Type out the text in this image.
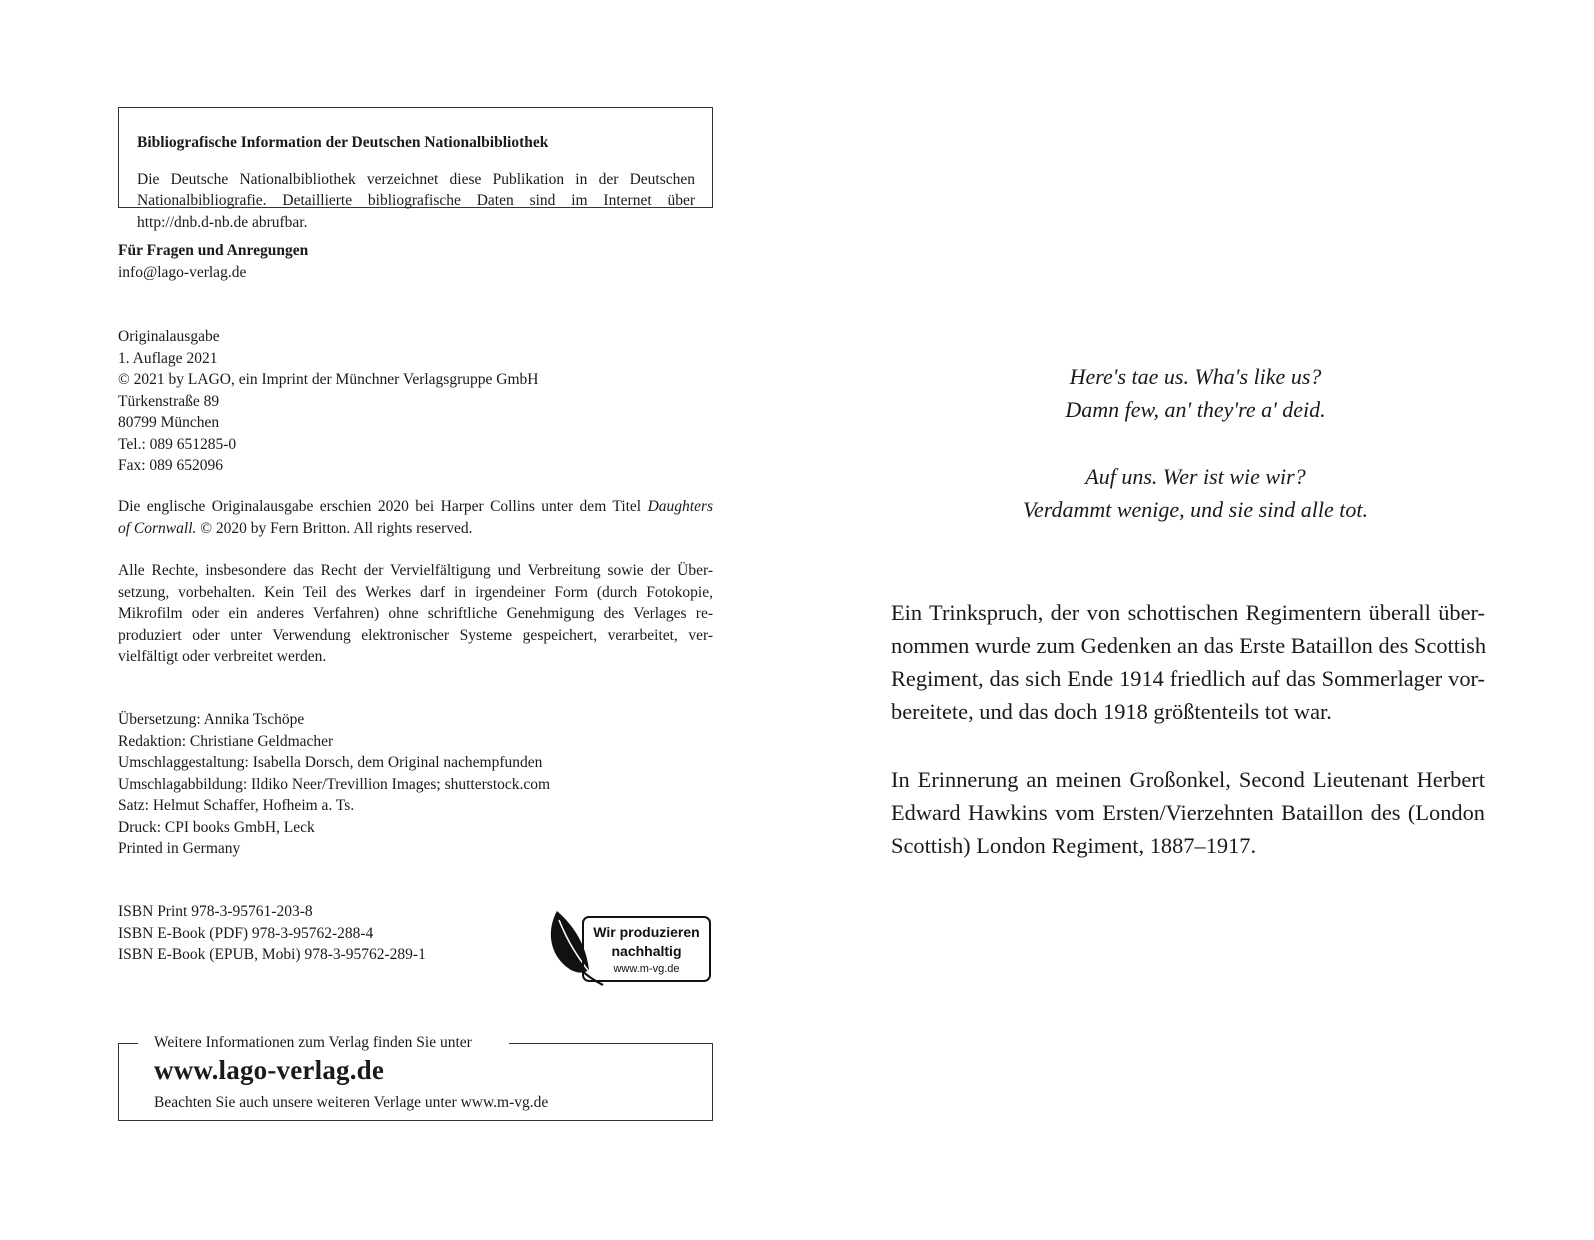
Bibliografische Information der Deutschen Nationalbibliothek

Die Deutsche Nationalbibliothek verzeichnet diese Publikation in der Deutschen
Nationalbibliografie. Detaillierte bibliografische Daten sind im Internet über
http://dnb.d-nb.de abrufbar.

Für Fragen und Anregungen

info@lago-verlag.de

Originalausgabe

1. Auflage 2021

© 2021 by LAGO, ein Imprint der Münchner Verlagsgruppe GmbH

Türkenstraße 89

80799 München

Tel.: 089 651285-0

Fax: 089 652096

Die englische Originalausgabe erschien 2020 bei Harper Collins unter dem Titel Daughters
of Cornwall. © 2020 by Fern Britton. All rights reserved.
Alle Rechte, insbesondere das Recht der Vervielfältigung und Verbreitung sowie der Über-
setzung, vorbehalten. Kein Teil des Werkes darf in irgendeiner Form (durch Fotokopie,
Mikrofilm oder ein anderes Verfahren) ohne schriftliche Genehmigung des Verlages re-
produziert oder unter Verwendung elektronischer Systeme gespeichert, verarbeitet, ver-
vielfältigt oder verbreitet werden.

Übersetzung: Annika Tschöpe

Redaktion: Christiane Geldmacher

Umschlaggestaltung: Isabella Dorsch, dem Original nachempfunden

Umschlagabbildung: Ildiko Neer/Trevillion Images; shutterstock.com

Satz: Helmut Schaffer, Hofheim a. Ts.

Druck: CPI books GmbH, Leck

Printed in Germany

ISBN Print 978-3-95761-203-8

ISBN E-Book (PDF) 978-3-95762-288-4

ISBN E-Book (EPUB, Mobi) 978-3-95762-289-1

Wir produzieren
nachhaltig
www.m-vg.de
Weitere Informationen zum Verlag finden Sie unter
www.lago-verlag.de
Beachten Sie auch unsere weiteren Verlage unter www.m-vg.de

Here's tae us. Wha's like us?

Damn few, an' they're a' deid.

Auf uns. Wer ist wie wir?

Verdammt wenige, und sie sind alle tot.

Ein Trinkspruch, der von schottischen Regimentern überall über-
nommen wurde zum Gedenken an das Erste Bataillon des Scottish
Regiment, das sich Ende 1914 friedlich auf das Sommerlager vor-
bereitete, und das doch 1918 größtenteils tot war.
In Erinnerung an meinen Großonkel, Second Lieutenant Herbert
Edward Hawkins vom Ersten/Vierzehnten Bataillon des (London
Scottish) London Regiment, 1887–1917.
